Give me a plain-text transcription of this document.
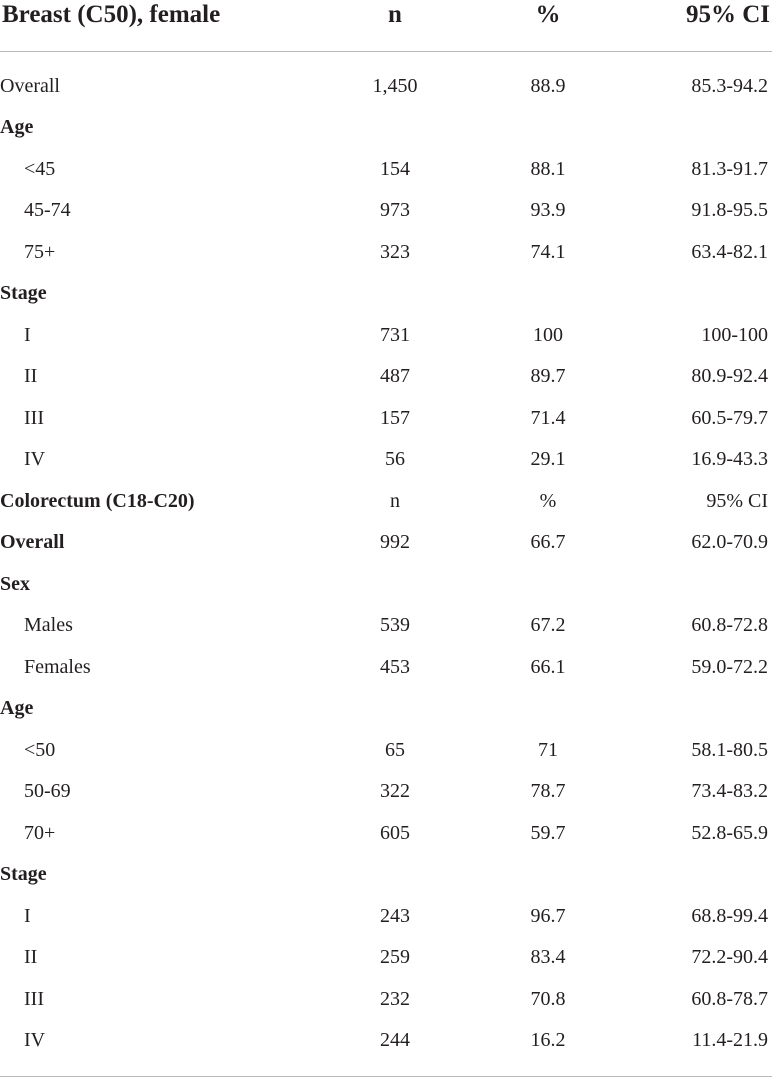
Breast (C50), female	n	%	95% CI
Overall	1,450	88.9	85.3-94.2
Age
<45	154	88.1	81.3-91.7
45-74	973	93.9	91.8-95.5
75+	323	74.1	63.4-82.1
Stage
I	731	100	100-100
II	487	89.7	80.9-92.4
III	157	71.4	60.5-79.7
IV	56	29.1	16.9-43.3
Colorectum (C18-C20)	n	%	95% CI
Overall	992	66.7	62.0-70.9
Sex
Males	539	67.2	60.8-72.8
Females	453	66.1	59.0-72.2
Age
<50	65	71	58.1-80.5
50-69	322	78.7	73.4-83.2
70+	605	59.7	52.8-65.9
Stage
I	243	96.7	68.8-99.4
II	259	83.4	72.2-90.4
III	232	70.8	60.8-78.7
IV	244	16.2	11.4-21.9
